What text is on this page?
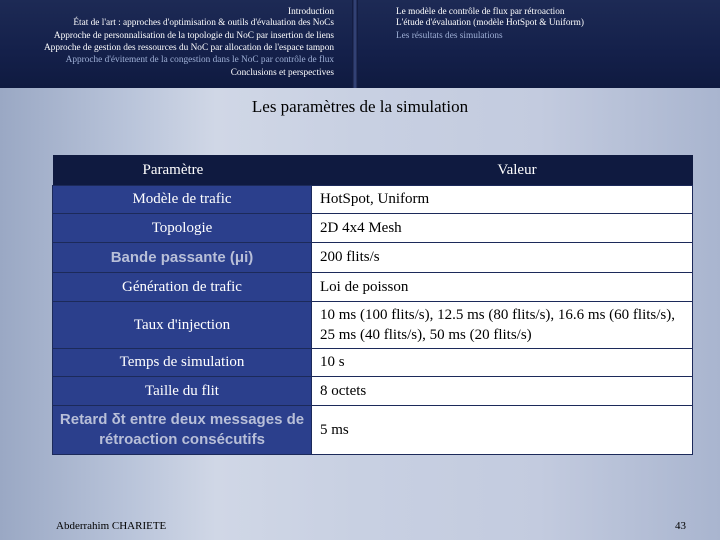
Introduction
État de l'art : approches d'optimisation & outils d'évaluation des NoCs
Approche de personnalisation de la topologie du NoC par insertion de liens
Approche de gestion des ressources du NoC par allocation de l'espace tampon
Approche d'évitement de la congestion dans le NoC par contrôle de flux
Conclusions et perspectives
Le modèle de contrôle de flux par rétroaction
L'étude d'évaluation (modèle HotSpot & Uniform)
Les résultats des simulations
Les paramètres de la simulation
Paramètre	Valeur
Modèle de trafic	HotSpot, Uniform
Topologie	2D 4x4 Mesh
Bande passante (μi)	200 flits/s
Génération de trafic	Loi de poisson
Taux d'injection	10 ms (100 flits/s), 12.5 ms (80 flits/s), 16.6 ms (60 flits/s), 25 ms (40 flits/s), 50 ms (20 flits/s)
Temps de simulation	10 s
Taille du flit	8 octets
Retard δt entre deux messages de rétroaction consécutifs	5 ms
Abderrahim CHARIETE	43
